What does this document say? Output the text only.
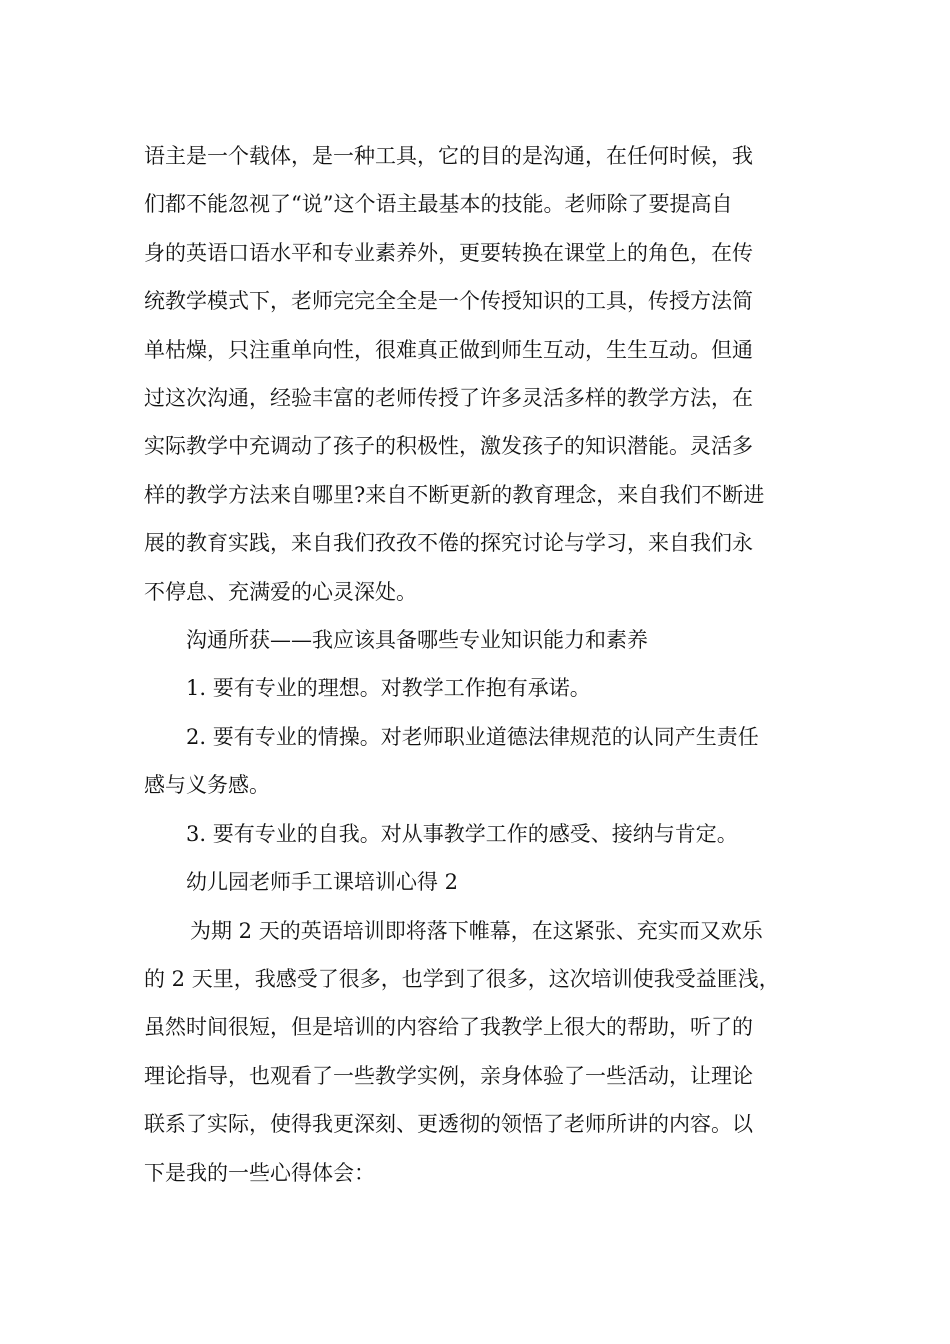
语主是一个载体，是一种工具，它的目的是沟通，在任何时候，我
们都不能忽视了“说”这个语主最基本的技能。老师除了要提高自
身的英语口语水平和专业素养外，更要转换在课堂上的角色，在传
统教学模式下，老师完完全全是一个传授知识的工具，传授方法简
单枯燥，只注重单向性，很难真正做到师生互动，生生互动。但通
过这次沟通，经验丰富的老师传授了许多灵活多样的教学方法，在
实际教学中充调动了孩子的积极性，激发孩子的知识潜能。灵活多
样的教学方法来自哪里?来自不断更新的教育理念，来自我们不断进
展的教育实践，来自我们孜孜不倦的探究讨论与学习，来自我们永
不停息、充满爱的心灵深处。
沟通所获——我应该具备哪些专业知识能力和素养
1. 要有专业的理想。对教学工作抱有承诺。
2. 要有专业的情操。对老师职业道德法律规范的认同产生责任
感与义务感。
3. 要有专业的自我。对从事教学工作的感受、接纳与肯定。
幼儿园老师手工课培训心得 2
为期 2 天的英语培训即将落下帷幕，在这紧张、充实而又欢乐
的 2 天里，我感受了很多，也学到了很多，这次培训使我受益匪浅，
虽然时间很短，但是培训的内容给了我教学上很大的帮助，听了的
理论指导，也观看了一些教学实例，亲身体验了一些活动，让理论
联系了实际，使得我更深刻、更透彻的领悟了老师所讲的内容。以
下是我的一些心得体会：
